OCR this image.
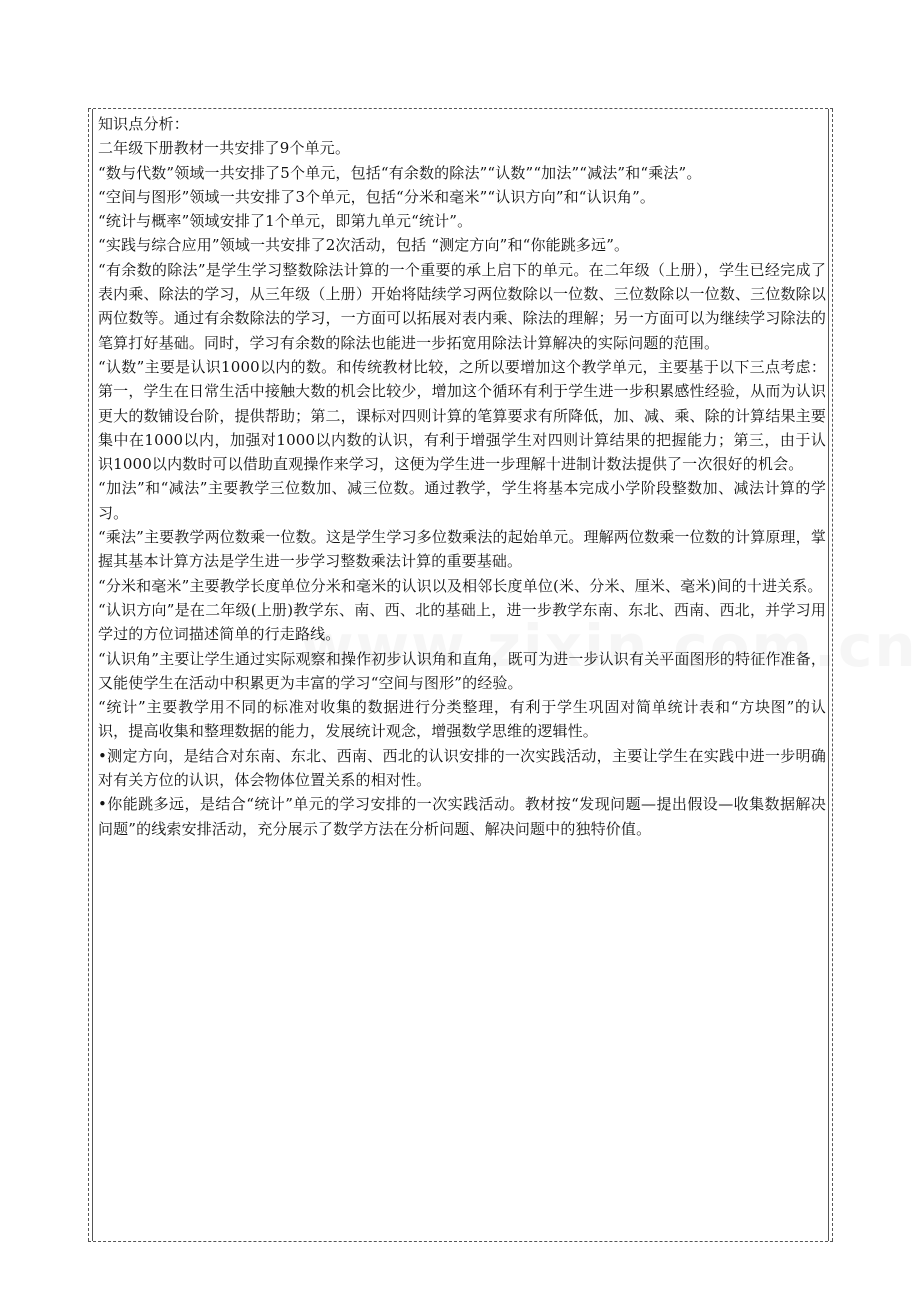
知识点分析：

二年级下册教材一共安排了9个单元。

“数与代数”领域一共安排了5个单元，包括“有余数的除法”“认数”“加法”“减法”和“乘法”。

“空间与图形”领域一共安排了3个单元，包括“分米和毫米”“认识方向”和“认识角”。

“统计与概率”领域安排了1个单元，即第九单元“统计”。

“实践与综合应用”领域一共安排了2次活动，包括 “测定方向”和“你能跳多远”。

“有余数的除法”是学生学习整数除法计算的一个重要的承上启下的单元。在二年级（上册），学生已经完成了表内乘、除法的学习，从三年级（上册）开始将陆续学习两位数除以一位数、三位数除以一位数、三位数除以两位数等。通过有余数除法的学习，一方面可以拓展对表内乘、除法的理解；另一方面可以为继续学习除法的笔算打好基础。同时，学习有余数的除法也能进一步拓宽用除法计算解决的实际问题的范围。

“认数”主要是认识1000以内的数。和传统教材比较，之所以要增加这个教学单元，主要基于以下三点考虑：第一，学生在日常生活中接触大数的机会比较少，增加这个循环有利于学生进一步积累感性经验，从而为认识更大的数铺设台阶，提供帮助；第二，课标对四则计算的笔算要求有所降低，加、减、乘、除的计算结果主要集中在1000以内，加强对1000以内数的认识，有利于增强学生对四则计算结果的把握能力；第三，由于认识1000以内数时可以借助直观操作来学习，这便为学生进一步理解十进制计数法提供了一次很好的机会。

“加法”和“减法”主要教学三位数加、减三位数。通过教学，学生将基本完成小学阶段整数加、减法计算的学习。

“乘法”主要教学两位数乘一位数。这是学生学习多位数乘法的起始单元。理解两位数乘一位数的计算原理，掌握其基本计算方法是学生进一步学习整数乘法计算的重要基础。

“分米和毫米”主要教学长度单位分米和毫米的认识以及相邻长度单位(米、分米、厘米、毫米)间的十进关系。

“认识方向”是在二年级(上册)教学东、南、西、北的基础上，进一步教学东南、东北、西南、西北，并学习用学过的方位词描述简单的行走路线。

“认识角”主要让学生通过实际观察和操作初步认识角和直角，既可为进一步认识有关平面图形的特征作准备，又能使学生在活动中积累更为丰富的学习“空间与图形”的经验。

“统计”主要教学用不同的标准对收集的数据进行分类整理，有利于学生巩固对简单统计表和“方块图”的认识，提高收集和整理数据的能力，发展统计观念，增强数学思维的逻辑性。

•测定方向，是结合对东南、东北、西南、西北的认识安排的一次实践活动，主要让学生在实践中进一步明确对有关方位的认识，体会物体位置关系的相对性。

•你能跳多远，是结合“统计”单元的学习安排的一次实践活动。教材按“发现问题—提出假设—收集数据解决问题”的线索安排活动，充分展示了数学方法在分析问题、解决问题中的独特价值。
